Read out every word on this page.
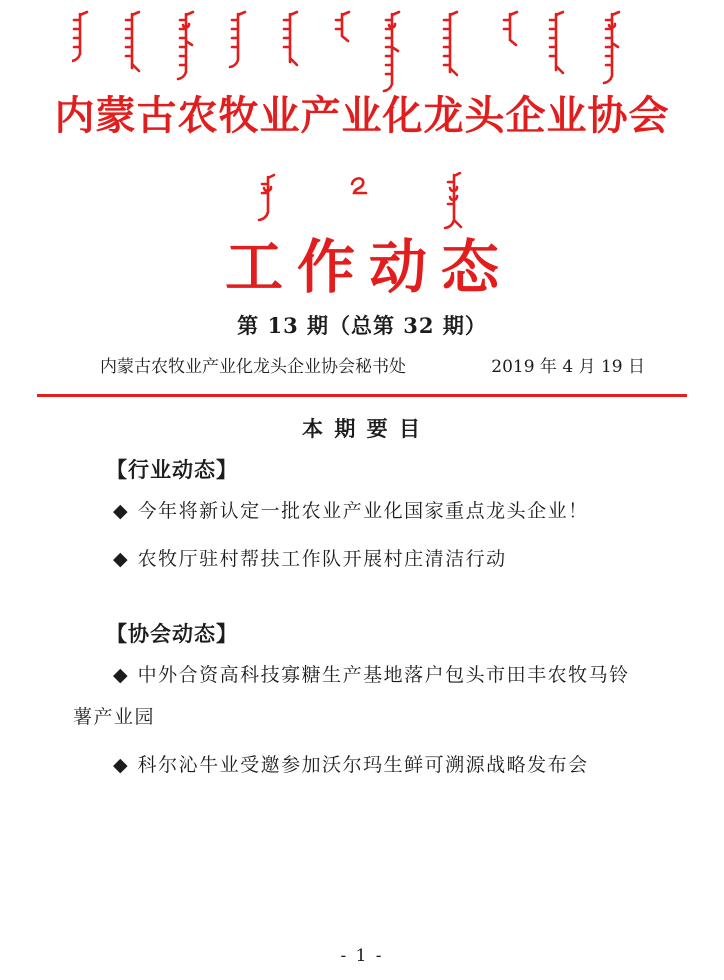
内蒙古农牧业产业化龙头企业协会
工作动态
第 13 期（总第 32 期）
内蒙古农牧业产业化龙头企业协会秘书处	2019 年 4 月 19 日
本 期 要 目

【行业动态】

◆ 今年将新认定一批农业产业化国家重点龙头企业！

◆ 农牧厅驻村帮扶工作队开展村庄清洁行动

【协会动态】

◆ 中外合资高科技寡糖生产基地落户包头市田丰农牧马铃薯产业园

◆ 科尔沁牛业受邀参加沃尔玛生鲜可溯源战略发布会

- 1 -
